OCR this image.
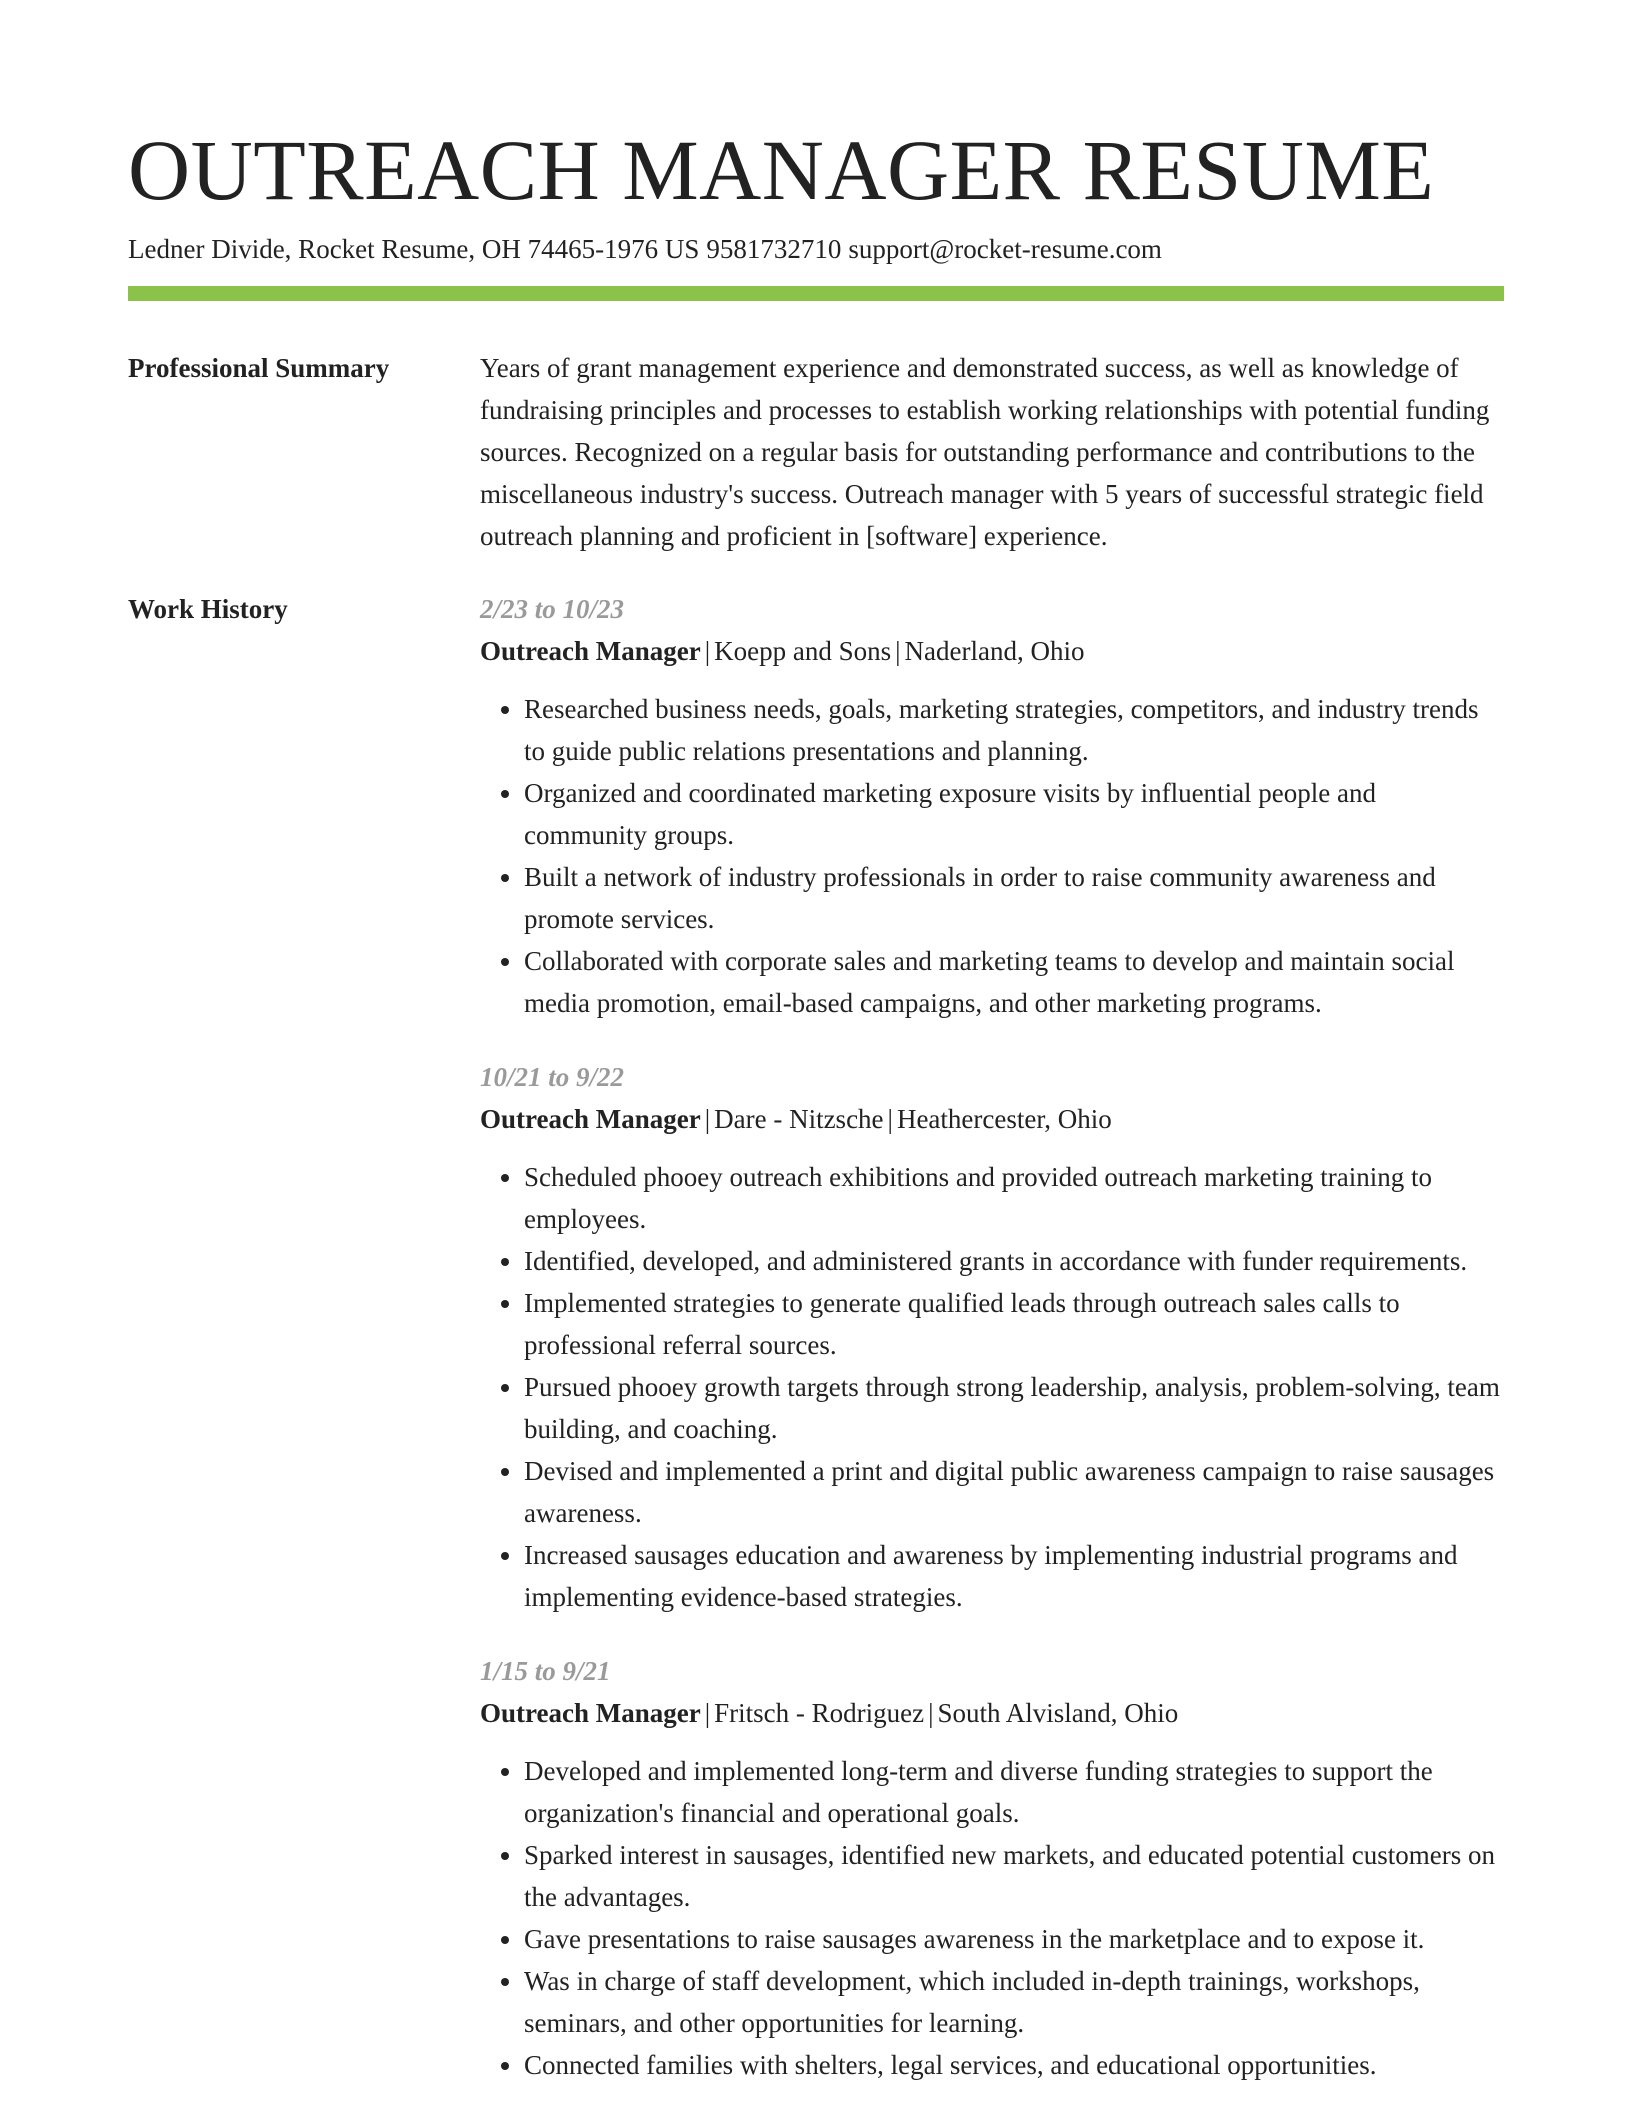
OUTREACH MANAGER RESUME
Ledner Divide, Rocket Resume, OH 74465-1976 US 9581732710 support@rocket-resume.com
Professional Summary	Years of grant management experience and demonstrated success, as well as knowledge of fundraising principles and processes to establish working relationships with potential funding sources. Recognized on a regular basis for outstanding performance and contributions to the miscellaneous industry's success. Outreach manager with 5 years of successful strategic field outreach planning and proficient in [software] experience.

Work History	2/23 to 10/23
Outreach Manager | Koepp and Sons | Naderland, Ohio
• Researched business needs, goals, marketing strategies, competitors, and industry trends to guide public relations presentations and planning.
• Organized and coordinated marketing exposure visits by influential people and community groups.
• Built a network of industry professionals in order to raise community awareness and promote services.
• Collaborated with corporate sales and marketing teams to develop and maintain social media promotion, email-based campaigns, and other marketing programs.
10/21 to 9/22
Outreach Manager | Dare - Nitzsche | Heathercester, Ohio
• Scheduled phooey outreach exhibitions and provided outreach marketing training to employees.
• Identified, developed, and administered grants in accordance with funder requirements.
• Implemented strategies to generate qualified leads through outreach sales calls to professional referral sources.
• Pursued phooey growth targets through strong leadership, analysis, problem-solving, team building, and coaching.
• Devised and implemented a print and digital public awareness campaign to raise sausages awareness.
• Increased sausages education and awareness by implementing industrial programs and implementing evidence-based strategies.
1/15 to 9/21
Outreach Manager | Fritsch - Rodriguez | South Alvisland, Ohio
• Developed and implemented long-term and diverse funding strategies to support the organization's financial and operational goals.
• Sparked interest in sausages, identified new markets, and educated potential customers on the advantages.
• Gave presentations to raise sausages awareness in the marketplace and to expose it.
• Was in charge of staff development, which included in-depth trainings, workshops, seminars, and other opportunities for learning.
• Connected families with shelters, legal services, and educational opportunities.
